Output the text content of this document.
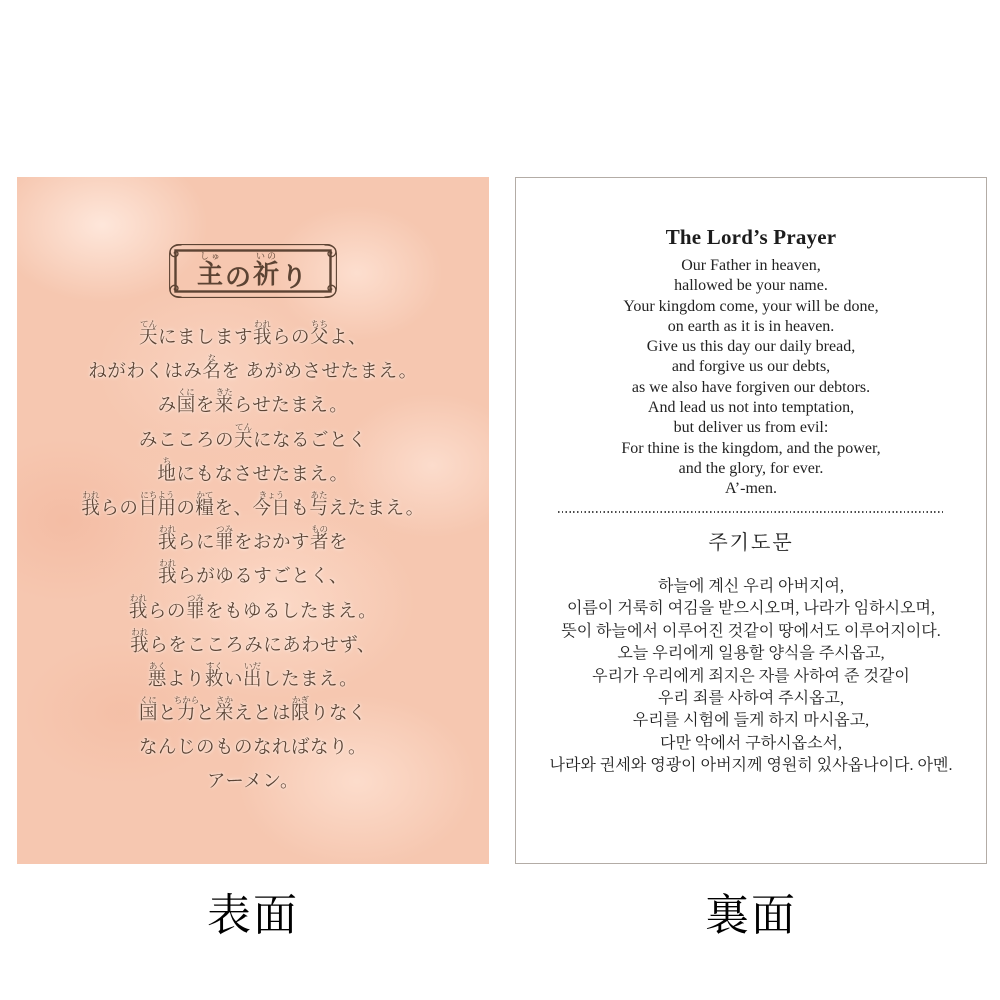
主
しゅ
の 祈
いの
り
天
てん
にまします我
われ
らの父
ちち
よ、
ねがわくはみ名
な
を あがめさせたまえ。
み国
くに
を来
きた
らせたまえ。
みこころの天
てん
になるごとく
地
ち
にもなさせたまえ。
我
われ
らの日用
にちよう
の糧
かて
を、今日
きょう
も与
あた
えたまえ。
我
われ
らに罪
つみ
をおかす者
もの
を
我
われ
らがゆるすごとく、
我
われ
らの罪
つみ
をもゆるしたまえ。
我
われ
らをこころみにあわせず、
悪
あく
より救
すく
い出
いだ
したまえ。
国
くに
と力
ちから
と栄
さか
えとは限
かぎ
りなく
なんじのものなればなり。
アーメン。
The Lord’s Prayer
Our Father in heaven,
hallowed be your name.
Your kingdom come, your will be done,
on earth as it is in heaven.
Give us this day our daily bread,
and forgive us our debts,
as we also have forgiven our debtors.
And lead us not into temptation,
but deliver us from evil:
For thine is the kingdom, and the power,
and the glory, for ever.
A’-men.
주기도문
하늘에 계신 우리 아버지여,
이름이 거룩히 여김을 받으시오며, 나라가 임하시오며,
뜻이 하늘에서 이루어진 것같이 땅에서도 이루어지이다.
오늘 우리에게 일용할 양식을 주시옵고,
우리가 우리에게 죄지은 자를 사하여 준 것같이
우리 죄를 사하여 주시옵고,
우리를 시험에 들게 하지 마시옵고,
다만 악에서 구하시옵소서,
나라와 권세와 영광이 아버지께 영원히 있사옵나이다. 아멘.
表面	裏面
